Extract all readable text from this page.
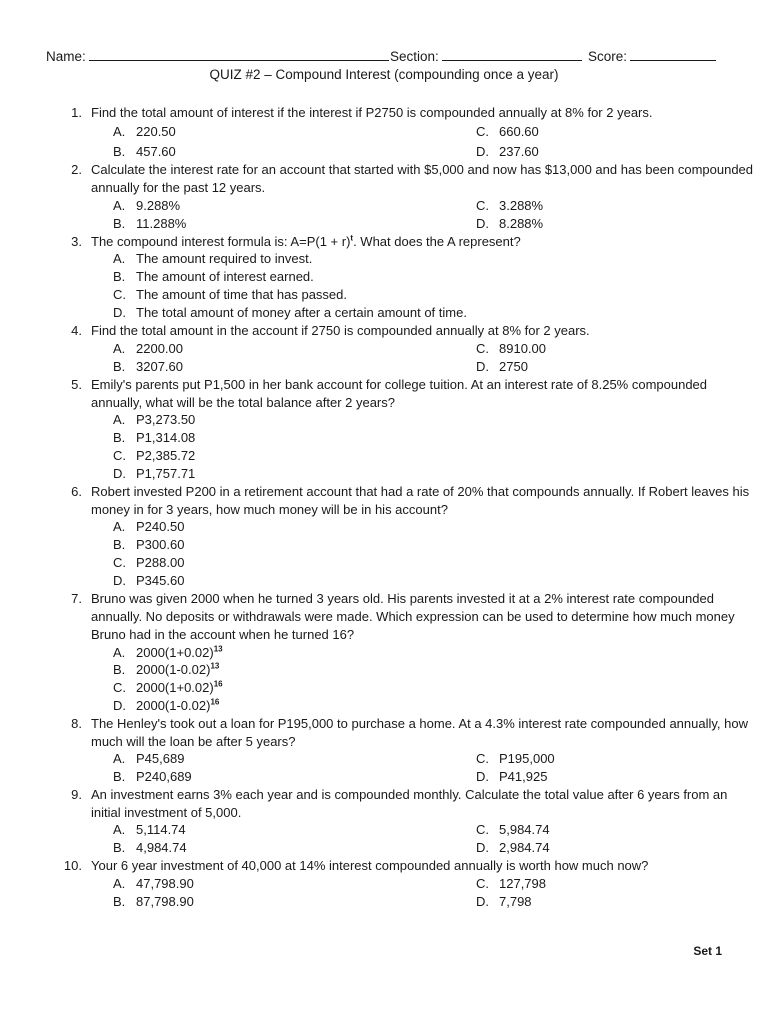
Name:	Section:	Score:
QUIZ #2 – Compound Interest (compounding once a year)
1. Find the total amount of interest if the interest if P2750 is compounded annually at 8% for 2 years.
A. 220.50	C. 660.60
B. 457.60	D. 237.60
2. Calculate the interest rate for an account that started with $5,000 and now has $13,000 and has been compounded
annually for the past 12 years.
A. 9.288%	C. 3.288%
B. 11.288%	D. 8.288%
3. The compound interest formula is: $A=P(1 + r)^t$. What does the A represent?
A. The amount required to invest.
B. The amount of interest earned.
C. The amount of time that has passed.
D. The total amount of money after a certain amount of time.
4. Find the total amount in the account if 2750 is compounded annually at 8% for 2 years.
A. 2200.00	C. 8910.00
B. 3207.60	D. 2750
5. Emily's parents put P1,500 in her bank account for college tuition. At an interest rate of 8.25% compounded
annually, what will be the total balance after 2 years?
A. P3,273.50
B. P1,314.08
C. P2,385.72
D. P1,757.71
6. Robert invested P200 in a retirement account that had a rate of 20% that compounds annually. If Robert leaves his
money in for 3 years, how much money will be in his account?
A. P240.50
B. P300.60
C. P288.00
D. P345.60
7. Bruno was given 2000 when he turned 3 years old. His parents invested it at a 2% interest rate compounded
annually. No deposits or withdrawals were made. Which expression can be used to determine how much money
Bruno had in the account when he turned 16?
A. $2000(1+0.02)^{13}$
B. $2000(1-0.02)^{13}$
C. $2000(1+0.02)^{16}$
D. $2000(1-0.02)^{16}$
8. The Henley's took out a loan for P195,000 to purchase a home. At a 4.3% interest rate compounded annually, how
much will the loan be after 5 years?
A. P45,689	C. P195,000
B. P240,689	D. P41,925
9. An investment earns 3% each year and is compounded monthly. Calculate the total value after 6 years from an
initial investment of 5,000.
A. 5,114.74	C. 5,984.74
B. 4,984.74	D. 2,984.74
10. Your 6 year investment of 40,000 at 14% interest compounded annually is worth how much now?
A. 47,798.90	C. 127,798
B. 87,798.90	D. 7,798
Set 1
